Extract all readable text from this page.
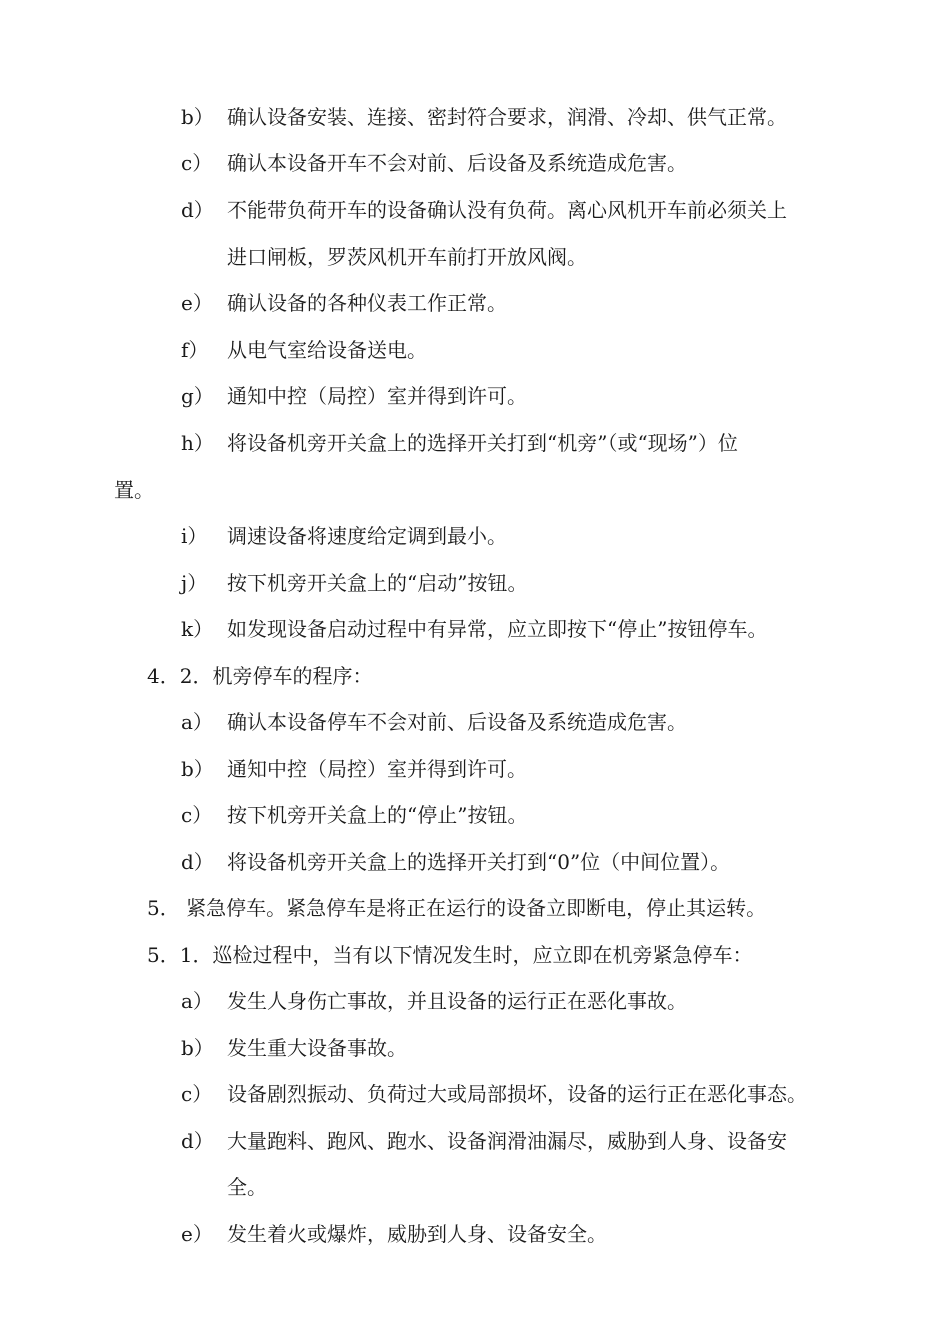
b） 确认设备安装、连接、密封符合要求，润滑、冷却、供气正常。
c） 确认本设备开车不会对前、后设备及系统造成危害。
d） 不能带负荷开车的设备确认没有负荷。离心风机开车前必须关上
进口闸板，罗茨风机开车前打开放风阀。
e） 确认设备的各种仪表工作正常。
f） 从电气室给设备送电。
g） 通知中控（局控）室并得到许可。
h） 将设备机旁开关盒上的选择开关打到“机旁”（或“现场”）位
置。
i） 调速设备将速度给定调到最小。
j） 按下机旁开关盒上的“启动”按钮。
k） 如发现设备启动过程中有异常，应立即按下“停止”按钮停车。
4．2．机旁停车的程序：
a） 确认本设备停车不会对前、后设备及系统造成危害。
b） 通知中控（局控）室并得到许可。
c） 按下机旁开关盒上的“停止”按钮。
d） 将设备机旁开关盒上的选择开关打到“0”位（中间位置）。
5． 紧急停车。紧急停车是将正在运行的设备立即断电，停止其运转。
5．1．巡检过程中，当有以下情况发生时，应立即在机旁紧急停车：
a） 发生人身伤亡事故，并且设备的运行正在恶化事故。
b） 发生重大设备事故。
c） 设备剧烈振动、负荷过大或局部损坏，设备的运行正在恶化事态。
d） 大量跑料、跑风、跑水、设备润滑油漏尽，威胁到人身、设备安
全。
e） 发生着火或爆炸，威胁到人身、设备安全。
